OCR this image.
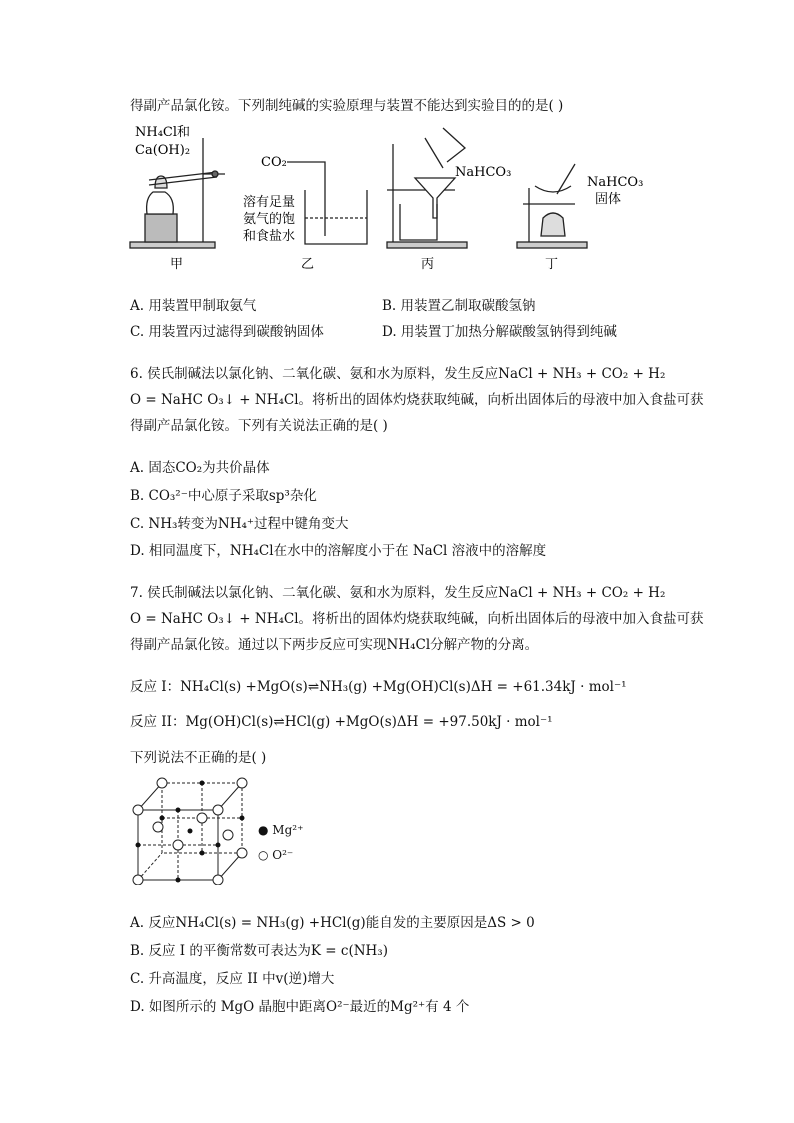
得副产品氯化铵。下列制纯碱的实验原理与装置不能达到实验目的的是( )
NH₄Cl和
Ca(OH)₂
甲
CO₂
溶有足量
氨气的饱
和食盐水
乙
NaHCO₃
丙
NaHCO₃
固体
丁
A. 用装置甲制取氨气	B. 用装置乙制取碳酸氢钠
C. 用装置丙过滤得到碳酸钠固体	D. 用装置丁加热分解碳酸氢钠得到纯碱
6. 侯氏制碱法以氯化钠、二氧化碳、氨和水为原料，发生反应NaCl + NH₃ + CO₂ + H₂
O = NaHC O₃↓ + NH₄Cl。将析出的固体灼烧获取纯碱，向析出固体后的母液中加入食盐可获
得副产品氯化铵。下列有关说法正确的是( )
A. 固态CO₂为共价晶体
B. CO₃²⁻中心原子采取sp³杂化
C. NH₃转变为NH₄⁺过程中键角变大
D. 相同温度下，NH₄Cl在水中的溶解度小于在 NaCl 溶液中的溶解度
7. 侯氏制碱法以氯化钠、二氧化碳、氨和水为原料，发生反应NaCl + NH₃ + CO₂ + H₂
O = NaHC O₃↓ + NH₄Cl。将析出的固体灼烧获取纯碱，向析出固体后的母液中加入食盐可获
得副产品氯化铵。通过以下两步反应可实现NH₄Cl分解产物的分离。
反应 I：NH₄Cl(s) +MgO(s)⇌NH₃(g) +Mg(OH)Cl(s)ΔH = +61.34kJ · mol⁻¹
反应 II：Mg(OH)Cl(s)⇌HCl(g) +MgO(s)ΔH = +97.50kJ · mol⁻¹
下列说法不正确的是( )
● Mg²⁺
○ O²⁻
A. 反应NH₄Cl(s) = NH₃(g) +HCl(g)能自发的主要原因是ΔS > 0
B. 反应 I 的平衡常数可表达为K = c(NH₃)
C. 升高温度，反应 II 中v(逆)增大
D. 如图所示的 MgO 晶胞中距离O²⁻最近的Mg²⁺有 4 个
